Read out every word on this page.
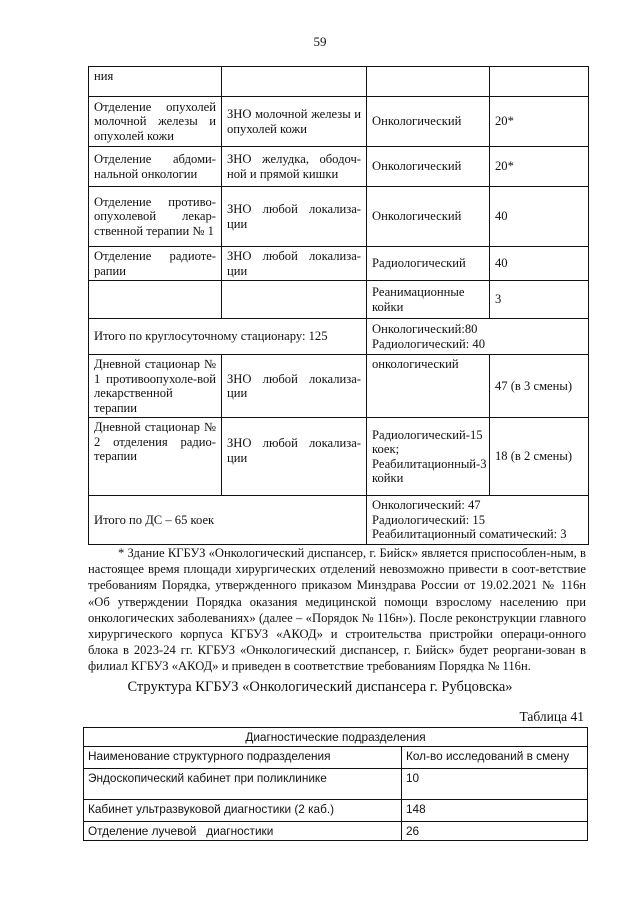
59
ния			
Отделение опухолей молочной железы и опухолей кожи	ЗНО молочной железы и опухолей кожи	Онкологический	20*
Отделение абдоми-нальной онкологии	ЗНО желудка, ободоч-ной и прямой кишки	Онкологический	20*
Отделение противо-опухолевой лекар-ственной терапии № 1	ЗНО любой локализа-ции	Онкологический	40
Отделение радиоте-рапии	ЗНО любой локализа-ции	Радиологический	40
		Реанимационные койки	3
Итого по круглосуточному стационару: 125		Онкологический:80
Радиологический: 40	

Дневной стационар № 1 противоопухоле-вой лекарственной терапии	ЗНО любой локализа-ции	онкологический	47 (в 3 смены)
Дневной стационар № 2 отделения радио-терапии	ЗНО любой локализа-ции	Радиологический-15 коек; Реабилитационный-3 койки	18 (в 2 смены)
Итого по ДС – 65 коек		Онкологический: 47
Радиологический: 15
Реабилитационный соматический: 3	
* Здание КГБУЗ «Онкологический диспансер, г. Бийск» является приспособлен-ным, в настоящее время площади хирургических отделений невозможно привести в соот-ветствие требованиям Порядка, утвержденного приказом Минздрава России от 19.02.2021 № 116н «Об утверждении Порядка оказания медицинской помощи взрослому населению при онкологических заболеваниях» (далее – «Порядок № 116н»). После реконструкции главного хирургического корпуса КГБУЗ «АКОД» и строительства пристройки операци-онного блока в 2023-24 гг. КГБУЗ «Онкологический диспансер, г. Бийск» будет реоргани-зован в филиал КГБУЗ «АКОД» и приведен в соответствие требованиям Порядка № 116н.
Структура КГБУЗ «Онкологический диспансера г. Рубцовска»
Таблица 41
Диагностические подразделения	
Наименование структурного подразделения	Кол-во исследований в смену
Эндоскопический кабинет при поликлинике	10
Кабинет ультразвуковой диагностики (2 каб.)	148
Отделение лучевой   диагностики	26
